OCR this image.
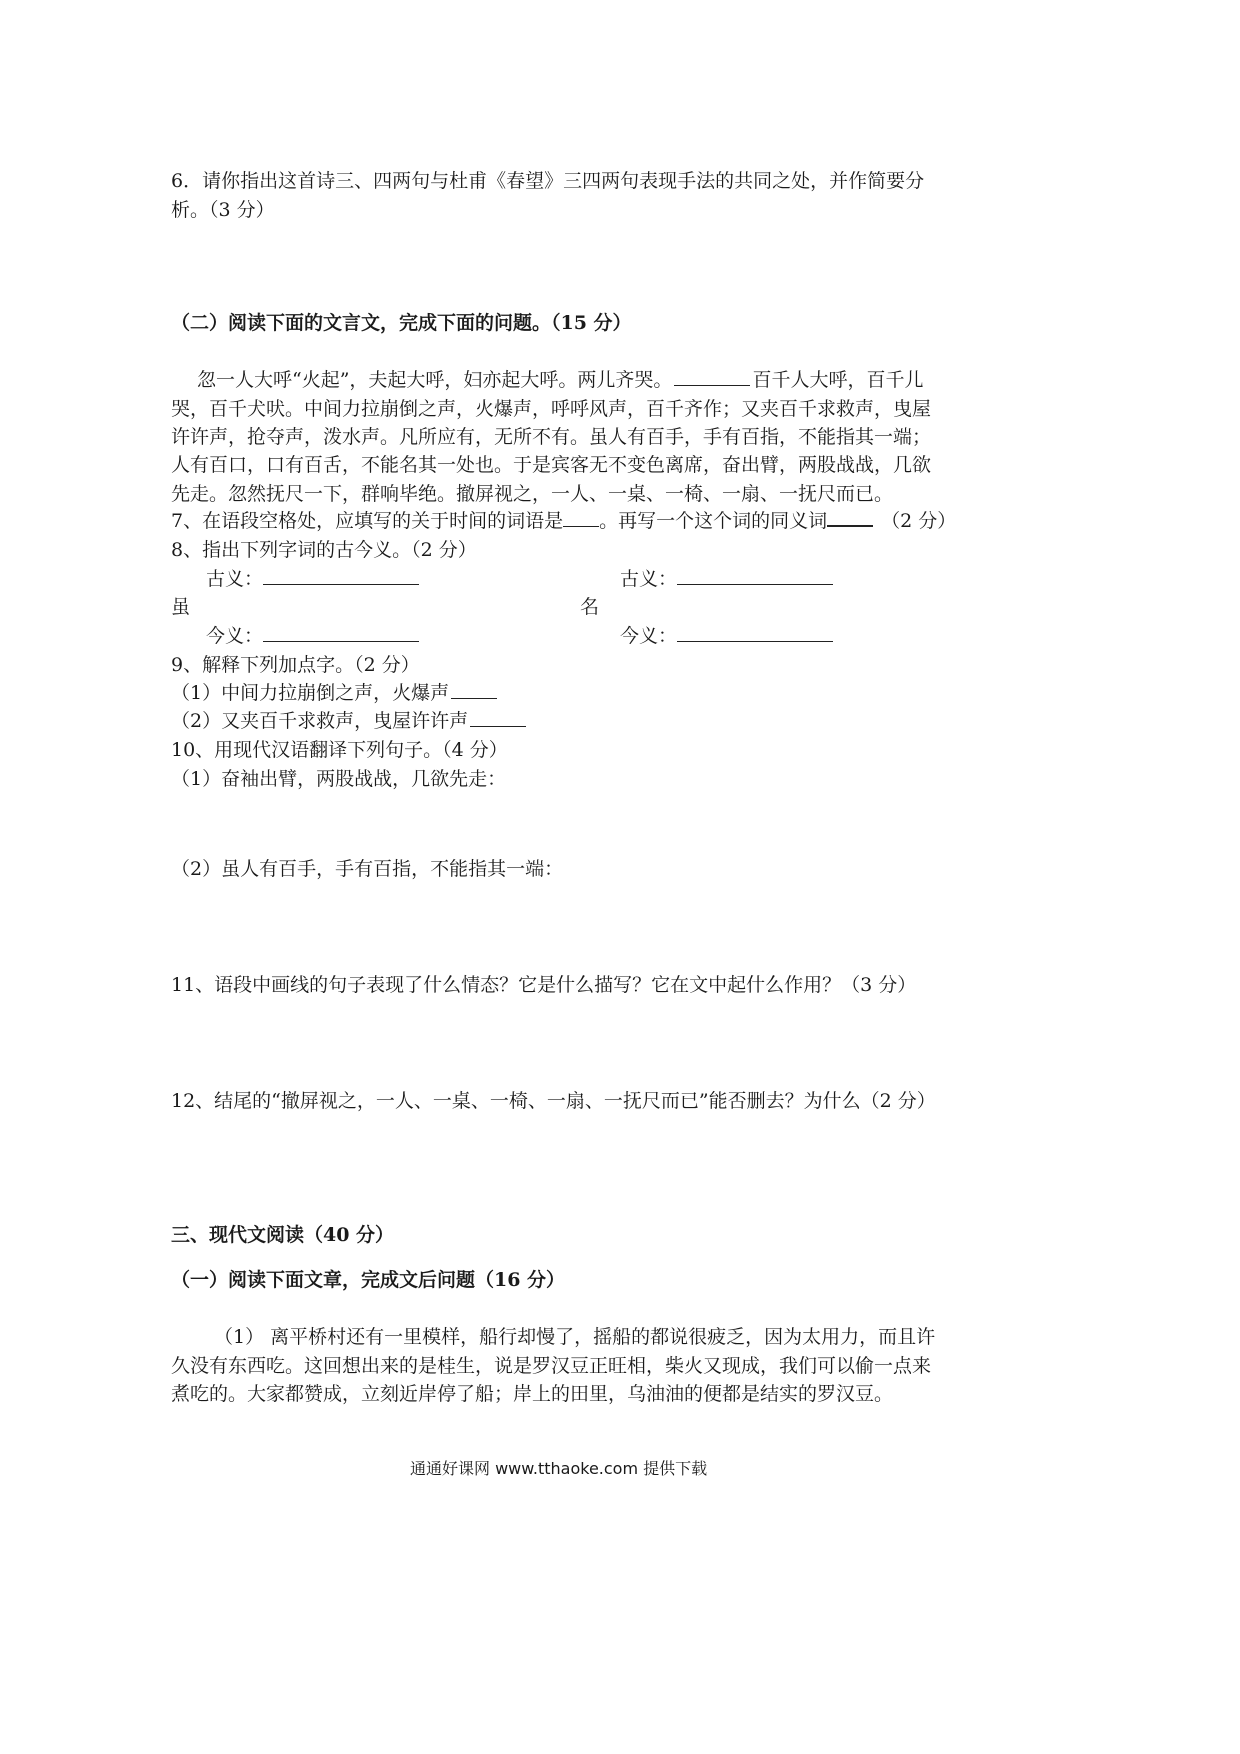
6．请你指出这首诗三、四两句与杜甫《春望》三四两句表现手法的共同之处，并作简要分
析。（3 分）
（二）阅读下面的文言文，完成下面的问题。（15 分）
忽一人大呼“火起”，夫起大呼，妇亦起大呼。两儿齐哭。	百千人大呼，百千儿
哭，百千犬吠。中间力拉崩倒之声，火爆声，呼呼风声，百千齐作；又夹百千求救声，曳屋
许许声，抢夺声，泼水声。凡所应有，无所不有。虽人有百手，手有百指，不能指其一端；
人有百口，口有百舌，不能名其一处也。于是宾客无不变色离席，奋出臂，两股战战，几欲
先走。忽然抚尺一下，群响毕绝。撤屏视之，一人、一桌、一椅、一扇、一抚尺而已。
7、在语段空格处，应填写的关于时间的词语是 。再写一个这个词的同义词	（2 分）
8、指出下列字词的古今义。（2 分）
古义：
虽
今义：
古义：
名
今义：
9、解释下列加点字。（2 分）
（1）中间力拉崩倒之声，火爆声
（2）又夹百千求救声，曳屋许许声
10、用现代汉语翻译下列句子。（4 分）
（1）奋袖出臂，两股战战，几欲先走：
（2）虽人有百手，手有百指，不能指其一端：
11、语段中画线的句子表现了什么情态？它是什么描写？它在文中起什么作用？（3 分）
12、结尾的“撤屏视之，一人、一桌、一椅、一扇、一抚尺而已”能否删去？为什么（2 分）
三、现代文阅读（40 分）
（一）阅读下面文章，完成文后问题（16 分）
（1） 离平桥村还有一里模样，船行却慢了，摇船的都说很疲乏，因为太用力，而且许
久没有东西吃。这回想出来的是桂生，说是罗汉豆正旺相，柴火又现成，我们可以偷一点来
煮吃的。大家都赞成，立刻近岸停了船；岸上的田里，乌油油的便都是结实的罗汉豆。
通通好课网 www.tthaoke.com 提供下载
